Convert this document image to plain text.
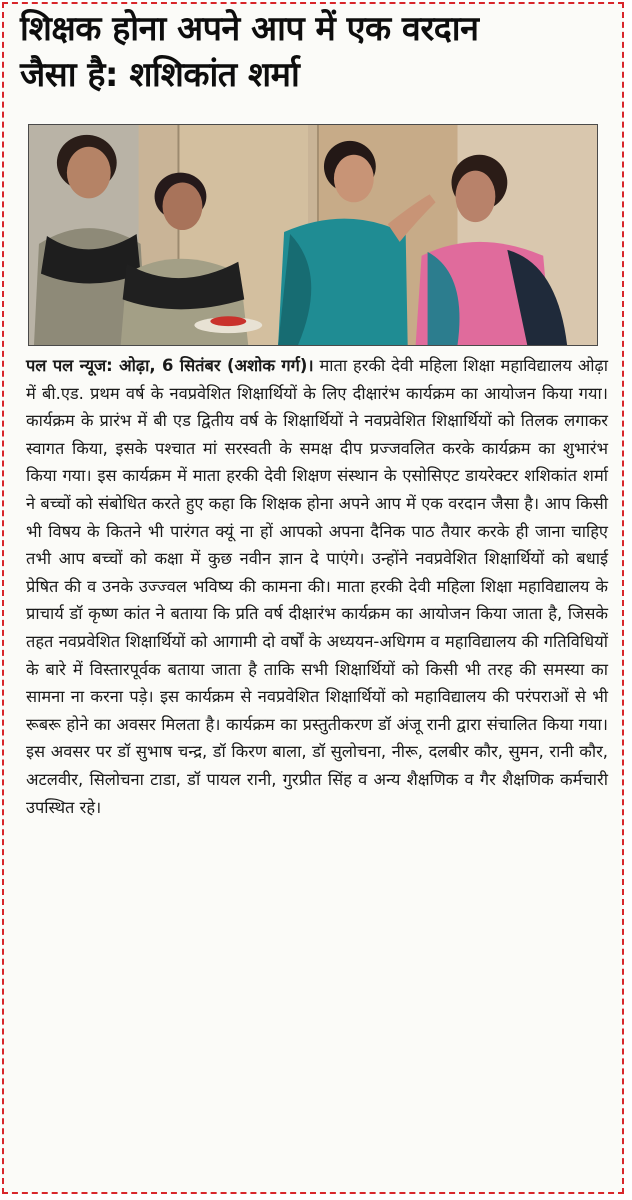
शिक्षक होना अपने आप में एक वरदान
जैसा है: शशिकांत शर्मा

पल पल न्यूज: ओढ़ा, 6 सितंबर (अशोक गर्ग)। माता हरकी देवी महिला शिक्षा महाविद्यालय ओढ़ा में बी.एड. प्रथम वर्ष के नवप्रवेशित शिक्षार्थियों के लिए दीक्षारंभ कार्यक्रम का आयोजन किया गया। कार्यक्रम के प्रारंभ में बी एड द्वितीय वर्ष के शिक्षार्थियों ने नवप्रवेशित शिक्षार्थियों को तिलक लगाकर स्वागत किया, इसके पश्चात मां सरस्वती के समक्ष दीप प्रज्जवलित करके कार्यक्रम का शुभारंभ किया गया। इस कार्यक्रम में माता हरकी देवी शिक्षण संस्थान के एसोसिएट डायरेक्टर शशिकांत शर्मा ने बच्चों को संबोधित करते हुए कहा कि शिक्षक होना अपने आप में एक वरदान जैसा है। आप किसी भी विषय के कितने भी पारंगत क्यूं ना हों आपको अपना दैनिक पाठ तैयार करके ही जाना चाहिए तभी आप बच्चों को कक्षा में कुछ नवीन ज्ञान दे पाएंगे। उन्होंने नवप्रवेशित शिक्षार्थियों को बधाई प्रेषित की व उनके उज्ज्वल भविष्य की कामना की। माता हरकी देवी महिला शिक्षा महाविद्यालय के प्राचार्य डॉ कृष्ण कांत ने बताया कि प्रति वर्ष दीक्षारंभ कार्यक्रम का आयोजन किया जाता है, जिसके तहत नवप्रवेशित शिक्षार्थियों को आगामी दो वर्षों के अध्ययन-अधिगम व महाविद्यालय की गतिविधियों के बारे में विस्तारपूर्वक बताया जाता है ताकि सभी शिक्षार्थियों को किसी भी तरह की समस्या का सामना ना करना पड़े। इस कार्यक्रम से नवप्रवेशित शिक्षार्थियों को महाविद्यालय की परंपराओं से भी रूबरू होने का अवसर मिलता है। कार्यक्रम का प्रस्तुतीकरण डॉ अंजू रानी द्वारा संचालित किया गया। इस अवसर पर डॉ सुभाष चन्द्र, डॉ किरण बाला, डॉ सुलोचना, नीरू, दलबीर कौर, सुमन, रानी कौर, अटलवीर, सिलोचना टाडा, डॉ पायल रानी, गुरप्रीत सिंह व अन्य शैक्षणिक व गैर शैक्षणिक कर्मचारी उपस्थित रहे।
